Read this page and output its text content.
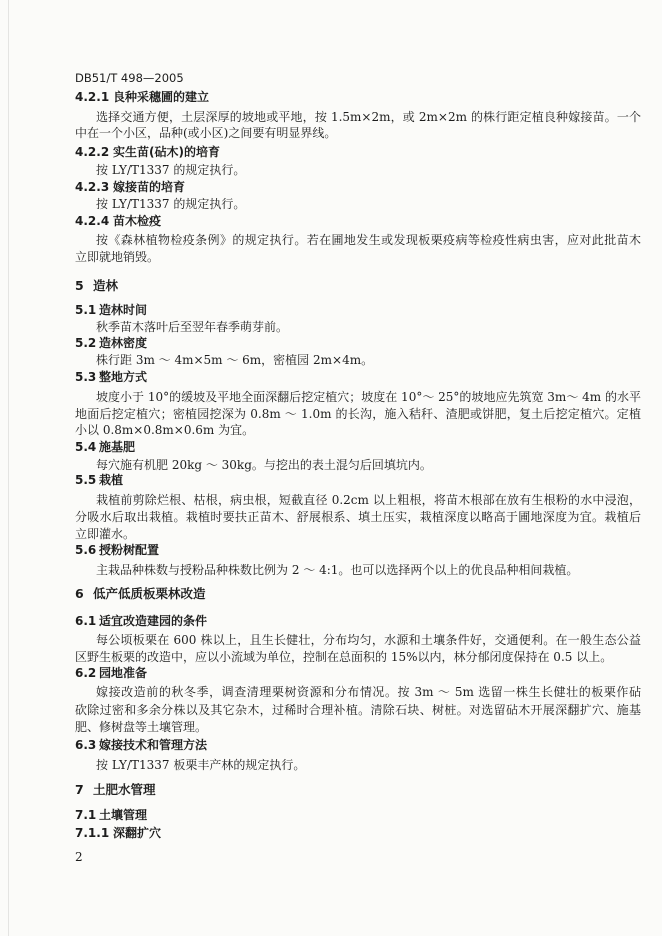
DB51/T 498—2005
4.2.1 良种采穗圃的建立
选择交通方便，土层深厚的坡地或平地，按 1.5m×2m，或 2m×2m 的株行距定植良种嫁接苗。一个
中在一个小区，品种(或小区)之间要有明显界线。
4.2.2 实生苗(砧木)的培育
按 LY/T1337 的规定执行。
4.2.3 嫁接苗的培育
按 LY/T1337 的规定执行。
4.2.4 苗木检疫
按《森林植物检疫条例》的规定执行。若在圃地发生或发现板栗疫病等检疫性病虫害，应对此批苗木
立即就地销毁。
5 造林
5.1 造林时间
秋季苗木落叶后至翌年春季萌芽前。
5.2 造林密度
株行距 3m ～ 4m×5m ～ 6m，密植园 2m×4m。
5.3 整地方式
坡度小于 10°的缓坡及平地全面深翻后挖定植穴；坡度在 10°～ 25°的坡地应先筑宽 3m～ 4m 的水平
地面后挖定植穴；密植园挖深为 0.8m ～ 1.0m 的长沟，施入秸秆、渣肥或饼肥，复土后挖定植穴。定植
小以 0.8m×0.8m×0.6m 为宜。
5.4 施基肥
每穴施有机肥 20kg ～ 30kg。与挖出的表土混匀后回填坑内。
5.5 栽植
栽植前剪除烂根、枯根，病虫根，短截直径 0.2cm 以上粗根，将苗木根部在放有生根粉的水中浸泡，
分吸水后取出栽植。栽植时要扶正苗木、舒展根系、填土压实，栽植深度以略高于圃地深度为宜。栽植后
立即灌水。
5.6 授粉树配置
主栽品种株数与授粉品种株数比例为 2 ～ 4:1。也可以选择两个以上的优良品种相间栽植。
6 低产低质板栗林改造
6.1 适宜改造建园的条件
每公顷板栗在 600 株以上，且生长健壮，分布均匀，水源和土壤条件好，交通便利。在一般生态公益
区野生板栗的改造中，应以小流域为单位，控制在总面积的 15%以内，林分郁闭度保持在 0.5 以上。
6.2 园地准备
嫁接改造前的秋冬季，调查清理栗树资源和分布情况。按 3m ～ 5m 选留一株生长健壮的板栗作砧
砍除过密和多余分株以及其它杂木，过稀时合理补植。清除石块、树桩。对选留砧木开展深翻扩穴、施基
肥、修树盘等土壤管理。
6.3 嫁接技术和管理方法
按 LY/T1337 板栗丰产林的规定执行。
7 土肥水管理
7.1 土壤管理
7.1.1 深翻扩穴
2
